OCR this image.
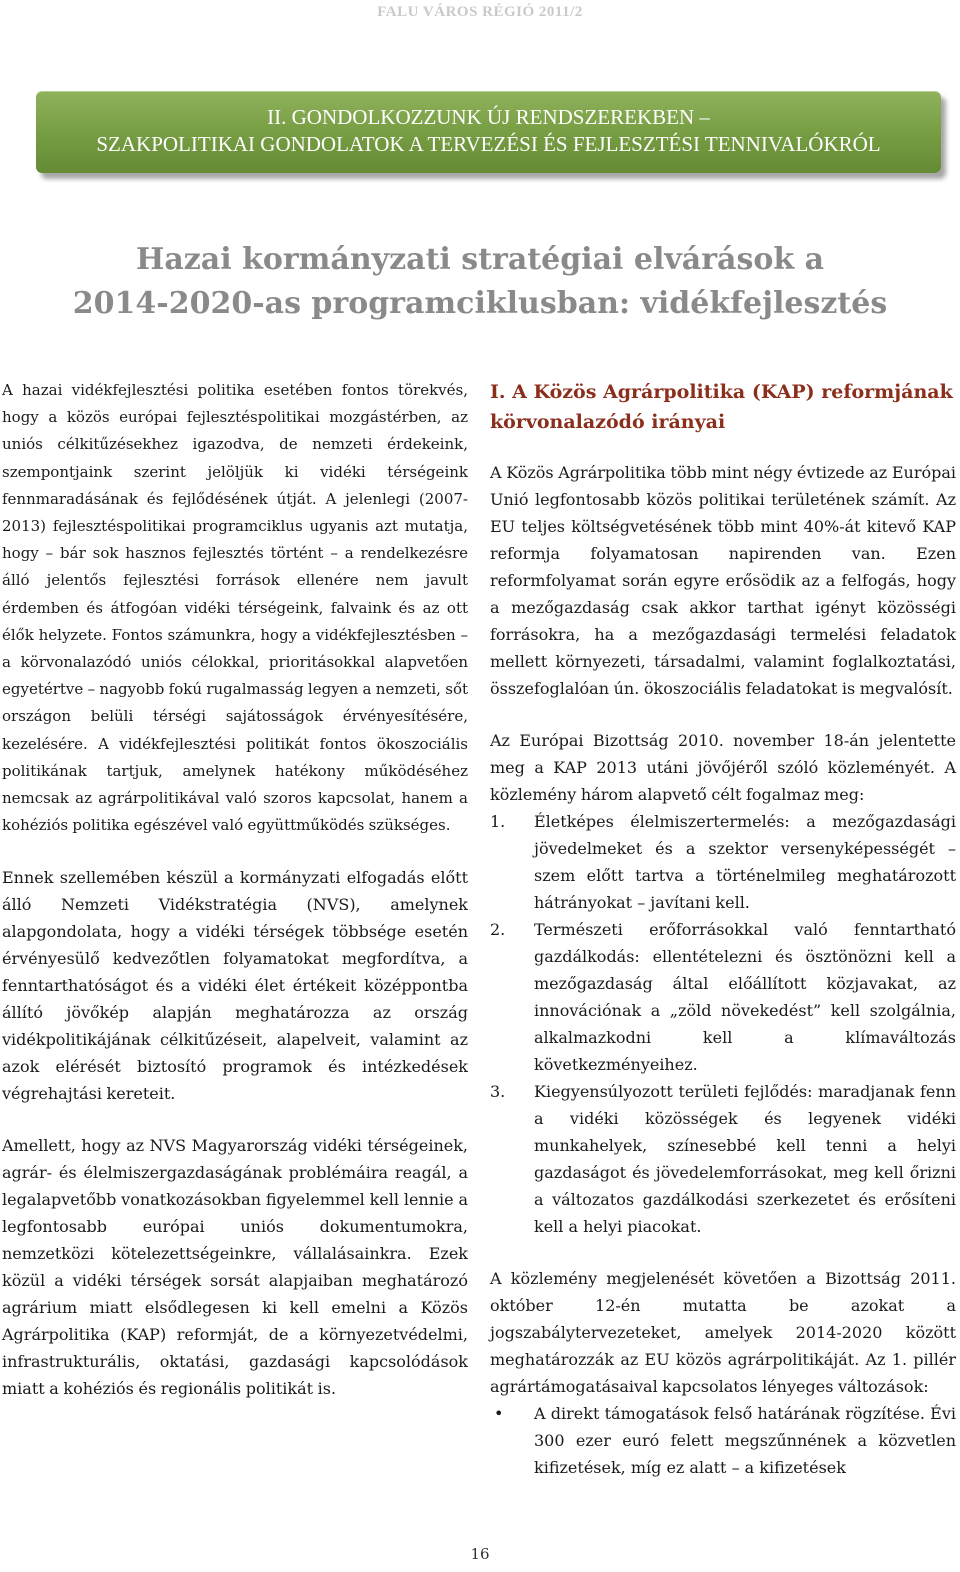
FALU VÁROS RÉGIÓ 2011/2
II. GONDOLKOZZUNK ÚJ RENDSZEREKBEN –
SZAKPOLITIKAI GONDOLATOK A TERVEZÉSI ÉS FEJLESZTÉSI TENNIVALÓKRÓL
Hazai kormányzati stratégiai elvárások a
2014-2020-as programciklusban: vidékfejlesztés

A hazai vidékfejlesztési politika esetében fontos törekvés, hogy a közös európai fejlesztéspolitikai mozgástérben, az uniós célkitűzésekhez igazodva, de nemzeti érdekeink, szempontjaink szerint jelöljük ki vidéki térségeink fennmaradásának és fejlődésének útját. A jelenlegi (2007-2013) fejlesztéspolitikai programciklus ugyanis azt mutatja, hogy – bár sok hasznos fejlesztés történt – a rendelkezésre álló jelentős fejlesztési források ellenére nem javult érdemben és átfogóan vidéki térségeink, falvaink és az ott élők helyzete. Fontos számunkra, hogy a vidékfejlesztésben – a körvonalazódó uniós célokkal, prioritásokkal alapvetően egyetértve – nagyobb fokú rugalmasság legyen a nemzeti, sőt országon belüli térségi sajátosságok érvényesítésére, kezelésére. A vidékfejlesztési politikát fontos ökoszociális politikának tartjuk, amelynek hatékony működéséhez nemcsak az agrárpolitikával való szoros kapcsolat, hanem a kohéziós politika egészével való együttműködés szükséges.

Ennek szellemében készül a kormányzati elfogadás előtt álló Nemzeti Vidékstratégia (NVS), amelynek alapgondolata, hogy a vidéki térségek többsége esetén érvényesülő kedvezőtlen folyamatokat megfordítva, a fenntarthatóságot és a vidéki élet értékeit középpontba állító jövőkép alapján meghatározza az ország vidékpolitikájának célkitűzéseit, alapelveit, valamint az azok elérését biztosító programok és intézkedések végrehajtási kereteit.

Amellett, hogy az NVS Magyarország vidéki térségeinek, agrár- és élelmiszergazdaságának problémáira reagál, a legalapvetőbb vonatkozásokban figyelemmel kell lennie a legfontosabb európai uniós dokumentumokra, nemzetközi kötelezettségeinkre, vállalásainkra. Ezek közül a vidéki térségek sorsát alapjaiban meghatározó agrárium miatt elsődlegesen ki kell emelni a Közös Agrárpolitika (KAP) reformját, de a környezetvédelmi, infrastrukturális, oktatási, gazdasági kapcsolódások miatt a kohéziós és regionális politikát is.

I. A Közös Agrárpolitika (KAP) reformjának körvonalazódó irányai

A Közös Agrárpolitika több mint négy évtizede az Európai Unió legfontosabb közös politikai területének számít. Az EU teljes költségvetésének több mint 40%-át kitevő KAP reformja folyamatosan napirenden van. Ezen reformfolyamat során egyre erősödik az a felfogás, hogy a mezőgazdaság csak akkor tarthat igényt közösségi forrásokra, ha a mezőgazdasági termelési feladatok mellett környezeti, társadalmi, valamint foglalkoztatási, összefoglalóan ún. ökoszociális feladatokat is megvalósít.

Az Európai Bizottság 2010. november 18-án jelentette meg a KAP 2013 utáni jövőjéről szóló közleményét. A közlemény három alapvető célt fogalmaz meg:

1. Életképes élelmiszertermelés: a mezőgazdasági jövedelmeket és a szektor versenyképességét – szem előtt tartva a történelmileg meghatározott hátrányokat – javítani kell.
2. Természeti erőforrásokkal való fenntartható gazdálkodás: ellentételezni és ösztönözni kell a mezőgazdaság által előállított közjavakat, az innovációnak a „zöld növekedést” kell szolgálnia, alkalmazkodni kell a klímaváltozás következményeihez.
3. Kiegyensúlyozott területi fejlődés: maradjanak fenn a vidéki közösségek és legyenek vidéki munkahelyek, színesebbé kell tenni a helyi gazdaságot és jövedelemforrásokat, meg kell őrizni a változatos gazdálkodási szerkezetet és erősíteni kell a helyi piacokat.

A közlemény megjelenését követően a Bizottság 2011. október 12-én mutatta be azokat a jogszabálytervezeteket, amelyek 2014-2020 között meghatározzák az EU közös agrárpolitikáját. Az 1. pillér agrártámogatásaival kapcsolatos lényeges változások:

• A direkt támogatások felső határának rögzítése. Évi 300 ezer euró felett megszűnnének a közvetlen kifizetések, míg ez alatt – a kifizetések
16
